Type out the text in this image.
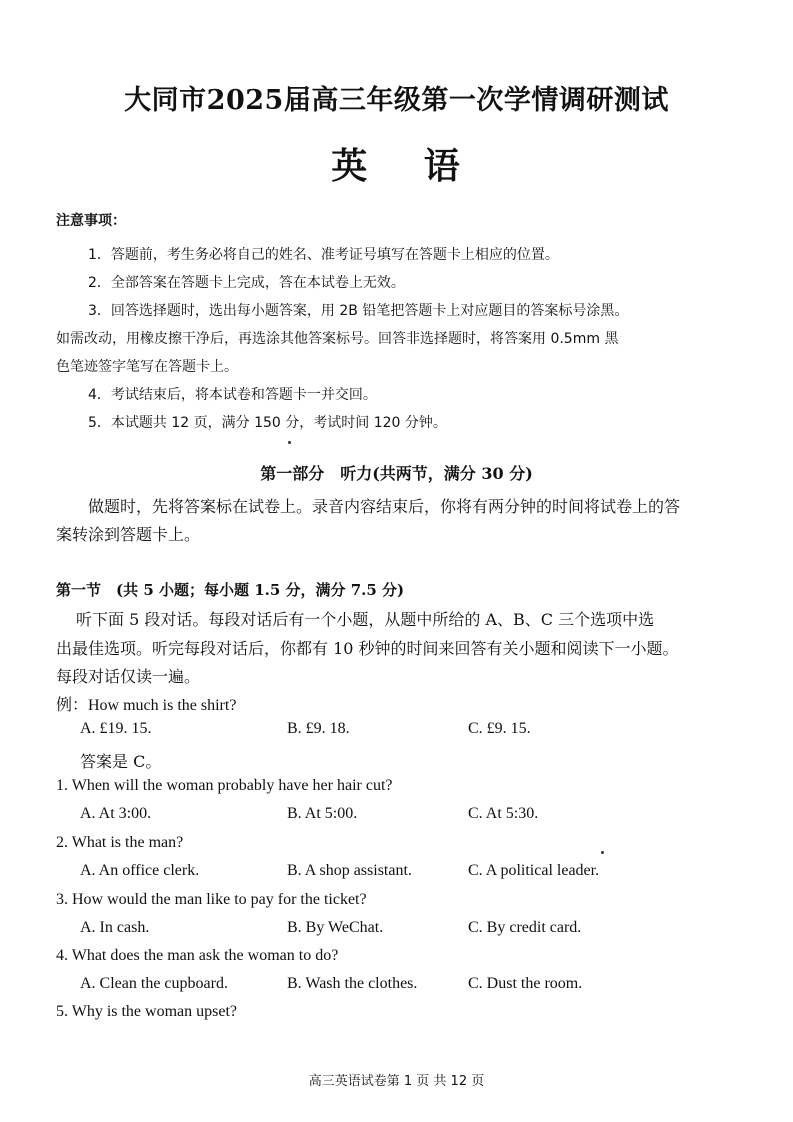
大同市2025届高三年级第一次学情调研测试
英 语
注意事项：
1．答题前，考生务必将自己的姓名、准考证号填写在答题卡上相应的位置。
2．全部答案在答题卡上完成，答在本试卷上无效。
3．回答选择题时，选出每小题答案，用 2B 铅笔把答题卡上对应题目的答案标号涂黑。
如需改动，用橡皮擦干净后，再选涂其他答案标号。回答非选择题时，将答案用 0.5mm 黑
色笔迹签字笔写在答题卡上。
4．考试结束后，将本试卷和答题卡一并交回。
5．本试题共 12 页，满分 150 分，考试时间 120 分钟。
第一部分　听力(共两节，满分 30 分)
做题时，先将答案标在试卷上。录音内容结束后，你将有两分钟的时间将试卷上的答
案转涂到答题卡上。
第一节　(共 5 小题；每小题 1.5 分，满分 7.5 分)
听下面 5 段对话。每段对话后有一个小题，从题中所给的 A、B、C 三个选项中选
出最佳选项。听完每段对话后，你都有 10 秒钟的时间来回答有关小题和阅读下一小题。
每段对话仅读一遍。
例：How much is the shirt?
A. £19. 15.	B. £9. 18.	C. £9. 15.
答案是 C。
1. When will the woman probably have her hair cut?
A. At 3:00.	B. At 5:00.	C. At 5:30.
2. What is the man?
A. An office clerk.	B. A shop assistant.	C. A political leader.
3. How would the man like to pay for the ticket?
A. In cash.	B. By WeChat.	C. By credit card.
4. What does the man ask the woman to do?
A. Clean the cupboard.	B. Wash the clothes.	C. Dust the room.
5. Why is the woman upset?
高三英语试卷第 1 页 共 12 页
